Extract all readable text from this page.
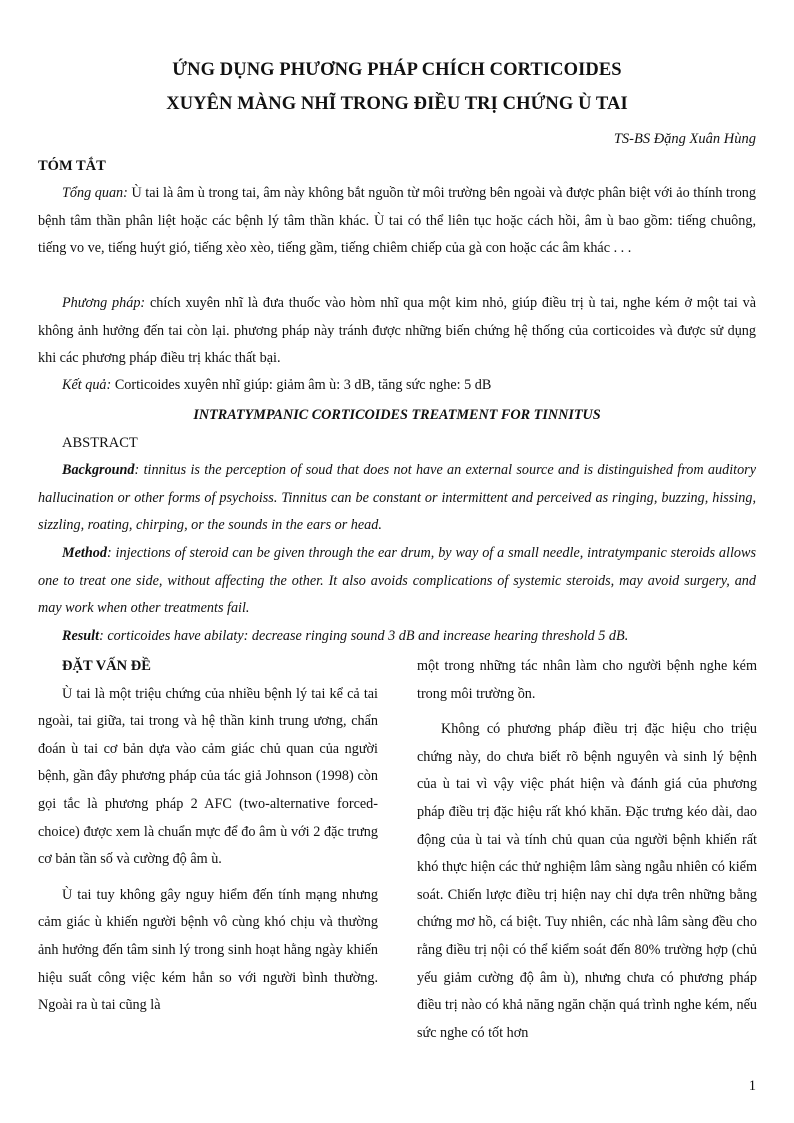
ỨNG DỤNG PHƯƠNG PHÁP CHÍCH CORTICOIDES
XUYÊN MÀNG NHĨ TRONG ĐIỀU TRỊ CHỨNG Ù TAI
TS-BS Đặng Xuân Hùng
TÓM TẮT

Tổng quan: Ù tai là âm ù trong tai, âm này không bắt nguồn từ môi trường bên ngoài và được phân biệt với ảo thính trong bệnh tâm thần phân liệt hoặc các bệnh lý tâm thần khác. Ù tai có thể liên tục hoặc cách hồi, âm ù bao gồm: tiếng chuông, tiếng vo ve, tiếng huýt gió, tiếng xèo xèo, tiếng gầm, tiếng chiêm chiếp của gà con hoặc các âm khác . . .

Phương pháp: chích xuyên nhĩ là đưa thuốc vào hòm nhĩ qua một kim nhỏ, giúp điều trị ù tai, nghe kém ở một tai và không ảnh hưởng đến tai còn lại. phương pháp này tránh được những biến chứng hệ thống của corticoides và được sử dụng khi các phương pháp điều trị khác thất bại.

Kết quả: Corticoides xuyên nhĩ giúp: giảm âm ù: 3 dB, tăng sức nghe: 5 dB

INTRATYMPANIC CORTICOIDES TREATMENT FOR TINNITUS
ABSTRACT

Background: tinnitus is the perception of soud that does not have an external source and is distinguished from auditory hallucination or other forms of psychoiss. Tinnitus can be constant or intermittent and perceived as ringing, buzzing, hissing, sizzling, roating, chirping, or the sounds in the ears or head.

Method: injections of steroid can be given through the ear drum, by way of a small needle, intratympanic steroids allows one to treat one side, without affecting the other. It also avoids complications of systemic steroids, may avoid surgery, and may work when other treatments fail.

Result: corticoides have abilaty: decrease ringing sound 3 dB and increase hearing threshold 5 dB.

ĐẶT VẤN ĐỀ

Ù tai là một triệu chứng của nhiều bệnh lý tai kể cả tai ngoài, tai giữa, tai trong và hệ thần kinh trung ương, chẩn đoán ù tai cơ bản dựa vào cảm giác chủ quan của người bệnh, gần đây phương pháp của tác giả Johnson (1998) còn gọi tắc là phương pháp 2 AFC (two-alternative forced-choice) được xem là chuẩn mực để đo âm ù với 2 đặc trưng cơ bản tần số và cường độ âm ù.

Ù tai tuy không gây nguy hiểm đến tính mạng nhưng cảm giác ù khiến người bệnh vô cùng khó chịu và thường ảnh hưởng đến tâm sinh lý trong sinh hoạt hằng ngày khiến hiệu suất công việc kém hẳn so với người bình thường. Ngoài ra ù tai cũng là

một trong những tác nhân làm cho người bệnh nghe kém trong môi trường ồn.

Không có phương pháp điều trị đặc hiệu cho triệu chứng này, do chưa biết rõ bệnh nguyên và sinh lý bệnh của ù tai vì vậy việc phát hiện và đánh giá của phương pháp điều trị đặc hiệu rất khó khăn. Đặc trưng kéo dài, dao động của ù tai và tính chủ quan của người bệnh khiến rất khó thực hiện các thử nghiệm lâm sàng ngẫu nhiên có kiểm soát. Chiến lược điều trị hiện nay chỉ dựa trên những bằng chứng mơ hồ, cá biệt. Tuy nhiên, các nhà lâm sàng đều cho rằng điều trị nội có thể kiểm soát đến 80% trường hợp (chủ yếu giảm cường độ âm ù), nhưng chưa có phương pháp điều trị nào có khả năng ngăn chặn quá trình nghe kém, nếu sức nghe có tốt hơn

1
